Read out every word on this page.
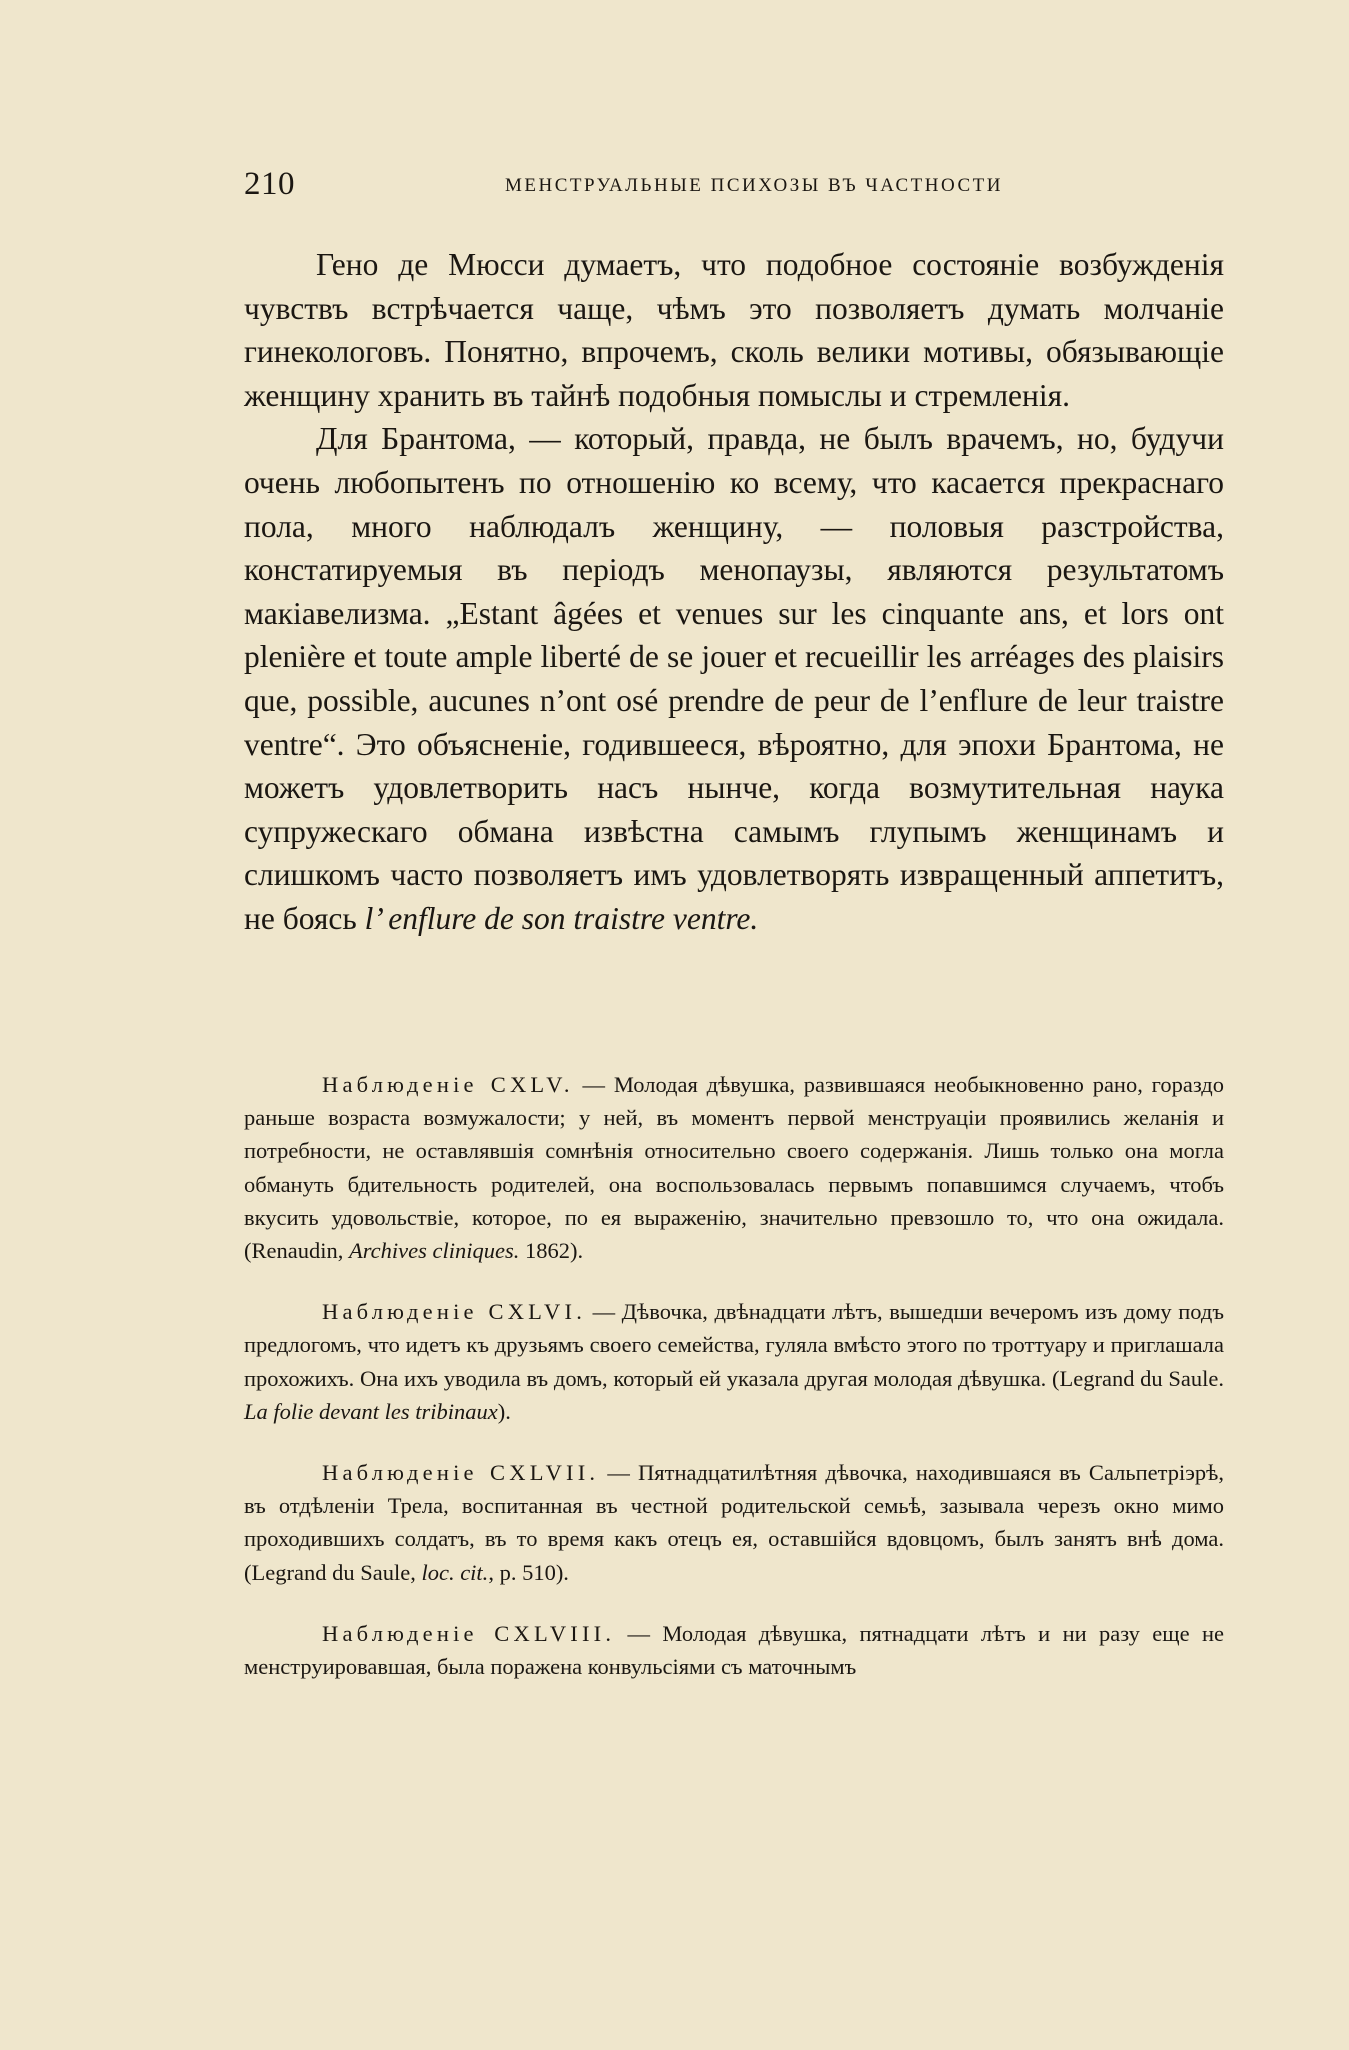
210	МЕНСТРУАЛЬНЫЕ ПСИХОЗЫ ВЪ ЧАСТНОСТИ

Гено де Мюсси думаетъ, что подобное состоянiе возбужденiя чувствъ встрѣчается чаще, чѣмъ это позволяетъ думать молчанiе гинекологовъ. Понятно, впрочемъ, сколь велики мотивы, обязывающiе женщину хранить въ тайнѣ подобныя помыслы и стремленiя.

Для Брантома, — который, правда, не былъ врачемъ, но, будучи очень любопытенъ по отношенiю ко всему, что касается прекраснаго пола, много наблюдалъ женщину, — половыя разстройства, констатируемыя въ перiодъ менопаузы, являются результатомъ макiавелизма. „Estant âgées et venues sur les cinquante ans, et lors ont plenière et toute ample liberté de se jouer et recueillir les arréages des plaisirs que, possible, aucunes n’ont osé prendre de peur de l’enflure de leur traistre ventre“. Это объясненiе, годившееся, вѣроятно, для эпохи Брантома, не можетъ удовлетворить насъ нынче, когда возмутительная наука супружескаго обмана извѣстна самымъ глупымъ женщинамъ и слишкомъ часто позволяетъ имъ удовлетворять извращенный аппетитъ, не боясь l’ enflure de son traistre ventre.

Наблюденiе CXLV. — Молодая дѣвушка, развившаяся необыкновенно рано, гораздо раньше возраста возмужалости; у ней, въ моментъ первой менструацiи проявились желанiя и потребности, не оставлявшiя сомнѣнiя относительно своего содержанiя. Лишь только она могла обмануть бдительность родителей, она воспользовалась первымъ попавшимся случаемъ, чтобъ вкусить удовольствiе, которое, по ея выраженiю, значительно превзошло то, что она ожидала. (Renaudin, Archives cliniques. 1862).

Наблюденiе CXLVI. — Дѣвочка, двѣнадцати лѣтъ, вышедши вечеромъ изъ дому подъ предлогомъ, что идетъ къ друзьямъ своего семейства, гуляла вмѣсто этого по троттуару и приглашала прохожихъ. Она ихъ уводила въ домъ, который ей указала другая молодая дѣвушка. (Legrand du Saule. La folie devant les tribinaux).

Наблюденiе CXLVII. — Пятнадцатилѣтняя дѣвочка, находившаяся въ Сальпетрiэрѣ, въ отдѣленiи Трела, воспитанная въ честной родительской семьѣ, зазывала черезъ окно мимо проходившихъ солдатъ, въ то время какъ отецъ ея, оставшiйся вдовцомъ, былъ занятъ внѣ дома. (Legrand du Saule, loc. cit., p. 510).

Наблюденiе CXLVIII. — Молодая дѣвушка, пятнадцати лѣтъ и ни разу еще не менструировавшая, была поражена конвульсiями съ маточнымъ
